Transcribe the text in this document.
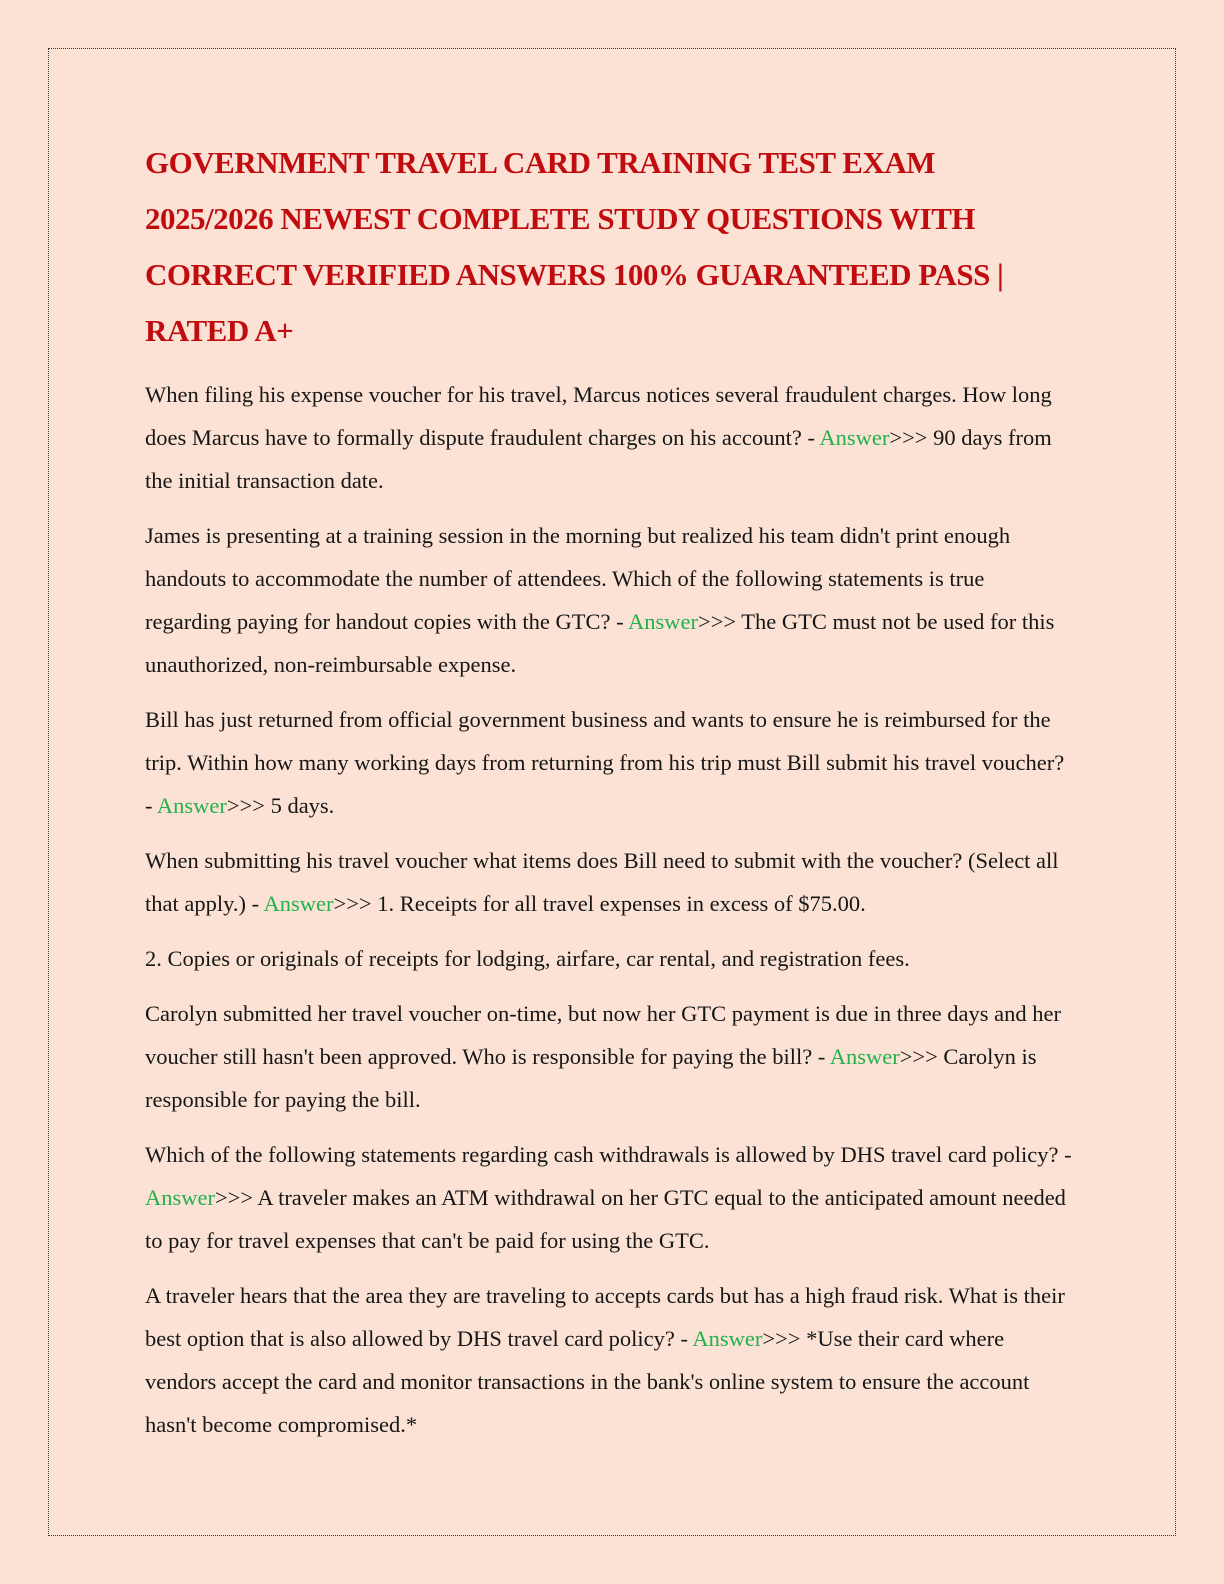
GOVERNMENT TRAVEL CARD TRAINING TEST EXAM
2025/2026 NEWEST COMPLETE STUDY QUESTIONS WITH
CORRECT VERIFIED ANSWERS 100% GUARANTEED PASS |
RATED A+

When filing his expense voucher for his travel, Marcus notices several fraudulent charges. How long does Marcus have to formally dispute fraudulent charges on his account? - Answer>>> 90 days from the initial transaction date.

James is presenting at a training session in the morning but realized his team didn't print enough handouts to accommodate the number of attendees. Which of the following statements is true regarding paying for handout copies with the GTC? - Answer>>> The GTC must not be used for this unauthorized, non-reimbursable expense.

Bill has just returned from official government business and wants to ensure he is reimbursed for the trip. Within how many working days from returning from his trip must Bill submit his travel voucher? - Answer>>> 5 days.

When submitting his travel voucher what items does Bill need to submit with the voucher? (Select all that apply.) - Answer>>> 1. Receipts for all travel expenses in excess of $75.00.

2. Copies or originals of receipts for lodging, airfare, car rental, and registration fees.

Carolyn submitted her travel voucher on-time, but now her GTC payment is due in three days and her voucher still hasn't been approved. Who is responsible for paying the bill? - Answer>>> Carolyn is responsible for paying the bill.

Which of the following statements regarding cash withdrawals is allowed by DHS travel card policy? - Answer>>> A traveler makes an ATM withdrawal on her GTC equal to the anticipated amount needed to pay for travel expenses that can't be paid for using the GTC.

A traveler hears that the area they are traveling to accepts cards but has a high fraud risk. What is their best option that is also allowed by DHS travel card policy? - Answer>>> *Use their card where vendors accept the card and monitor transactions in the bank's online system to ensure the account hasn't become compromised.*
